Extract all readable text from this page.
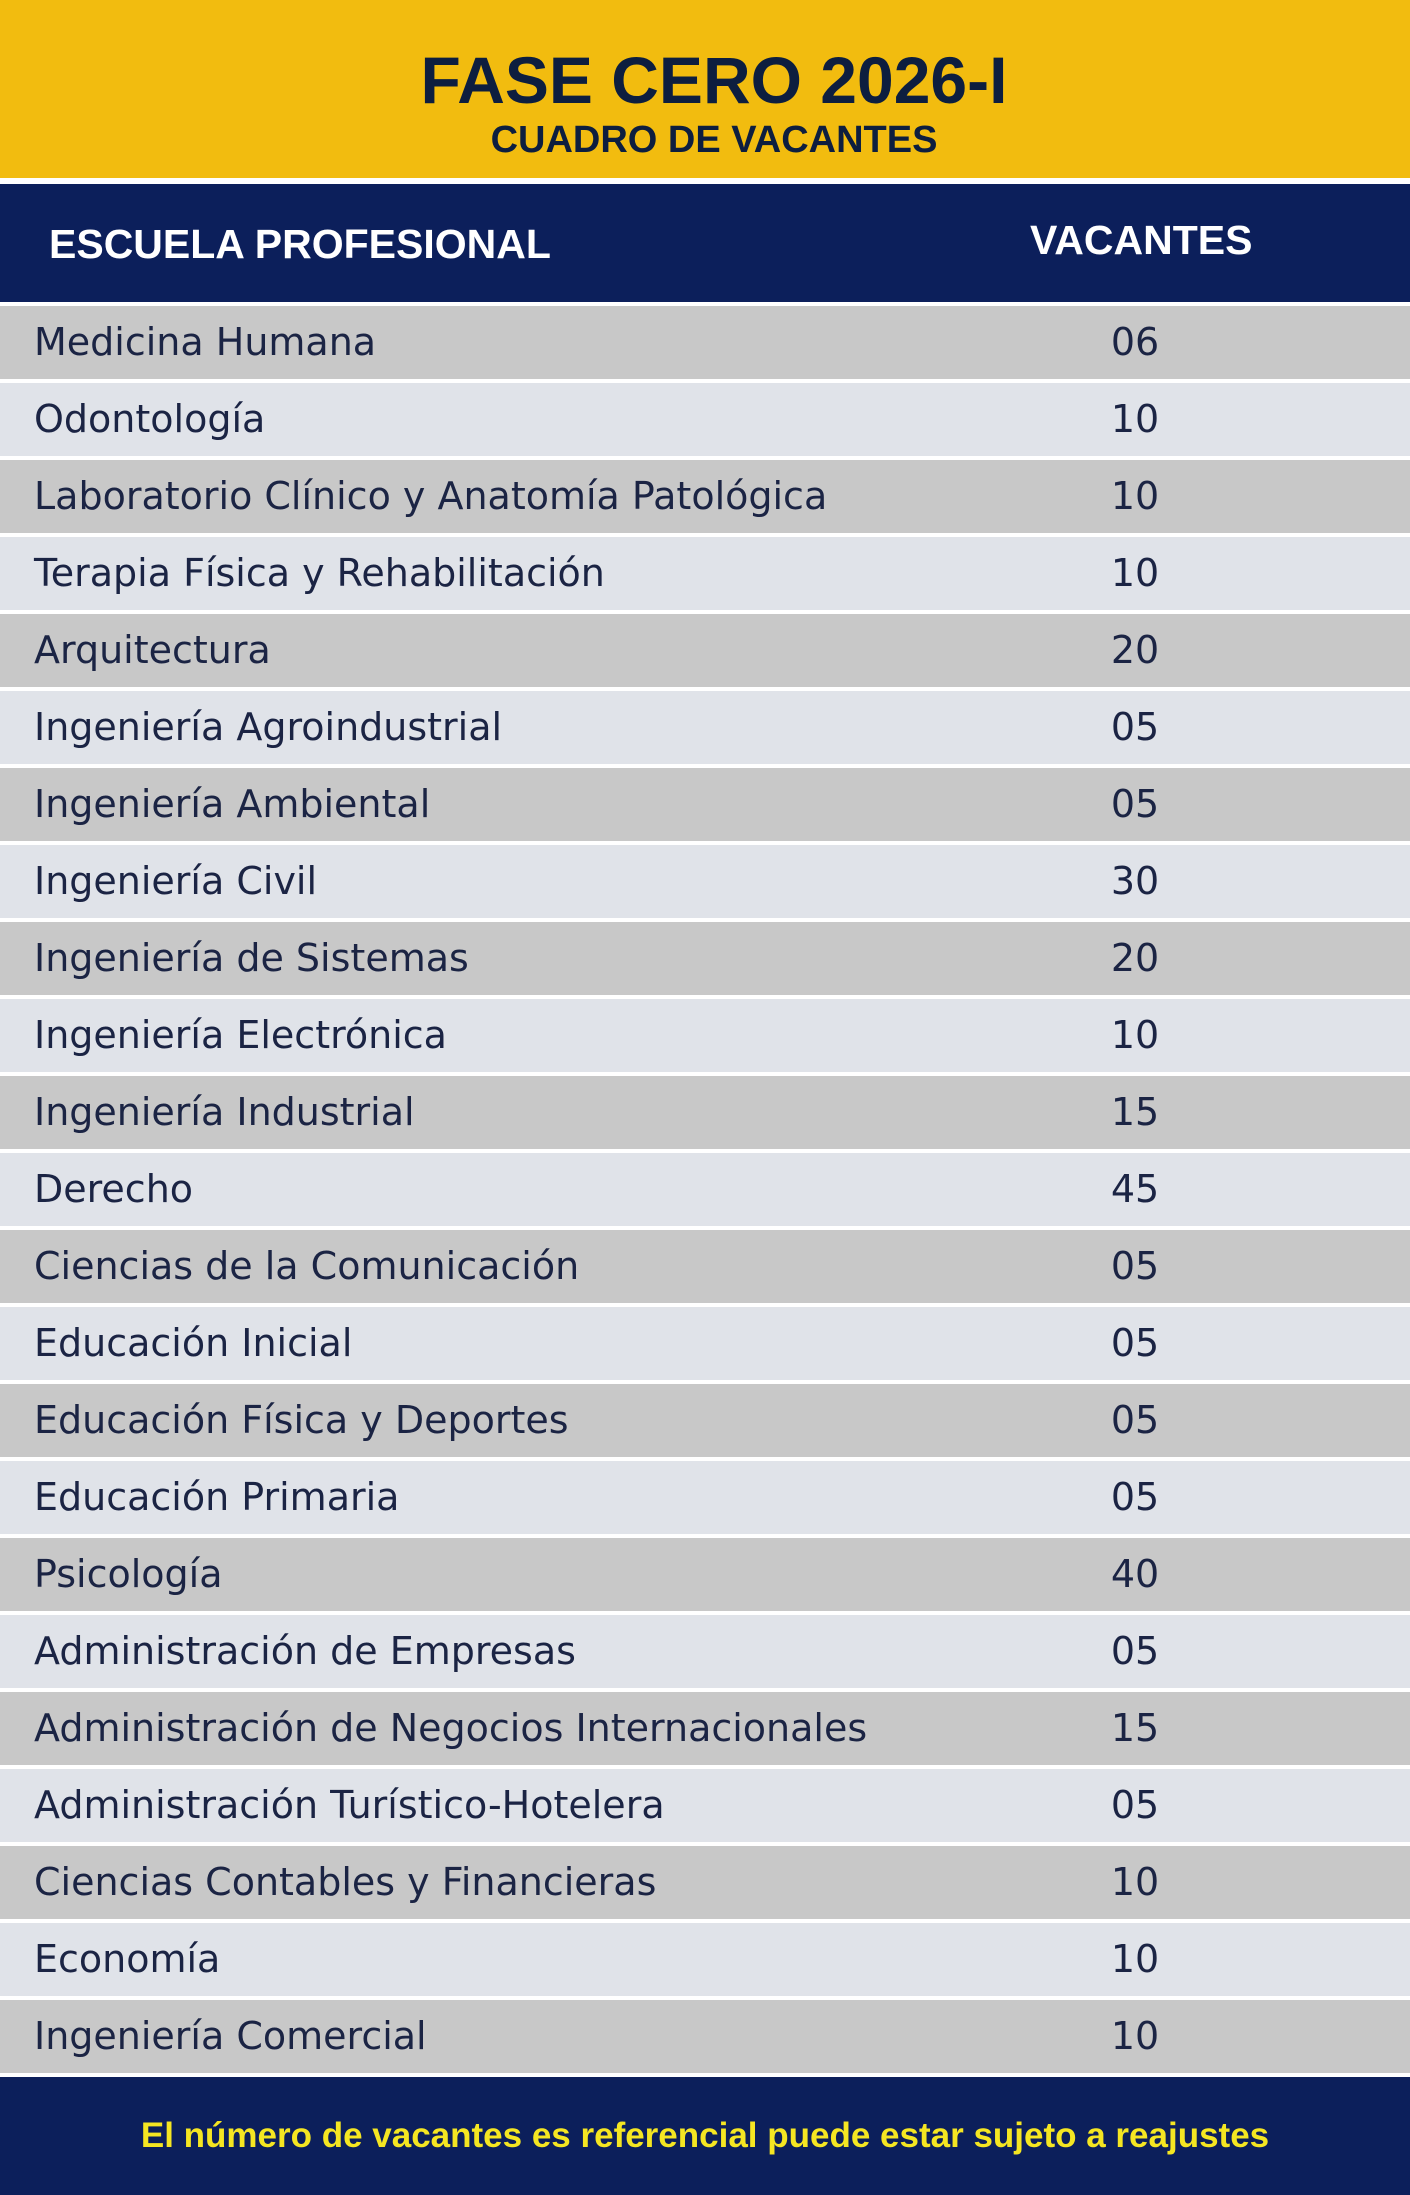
FASE CERO 2026-I
CUADRO DE VACANTES
ESCUELA PROFESIONAL	VACANTES
Medicina Humana	06
Odontología	10
Laboratorio Clínico y Anatomía Patológica	10
Terapia Física y Rehabilitación	10
Arquitectura	20
Ingeniería Agroindustrial	05
Ingeniería Ambiental	05
Ingeniería Civil	30
Ingeniería de Sistemas	20
Ingeniería Electrónica	10
Ingeniería Industrial	15
Derecho	45
Ciencias de la Comunicación	05
Educación Inicial	05
Educación Física y Deportes	05
Educación Primaria	05
Psicología	40
Administración de Empresas	05
Administración de Negocios Internacionales	15
Administración Turístico-Hotelera	05
Ciencias Contables y Financieras	10
Economía	10
Ingeniería Comercial	10
El número de vacantes es referencial puede estar sujeto a reajustes
